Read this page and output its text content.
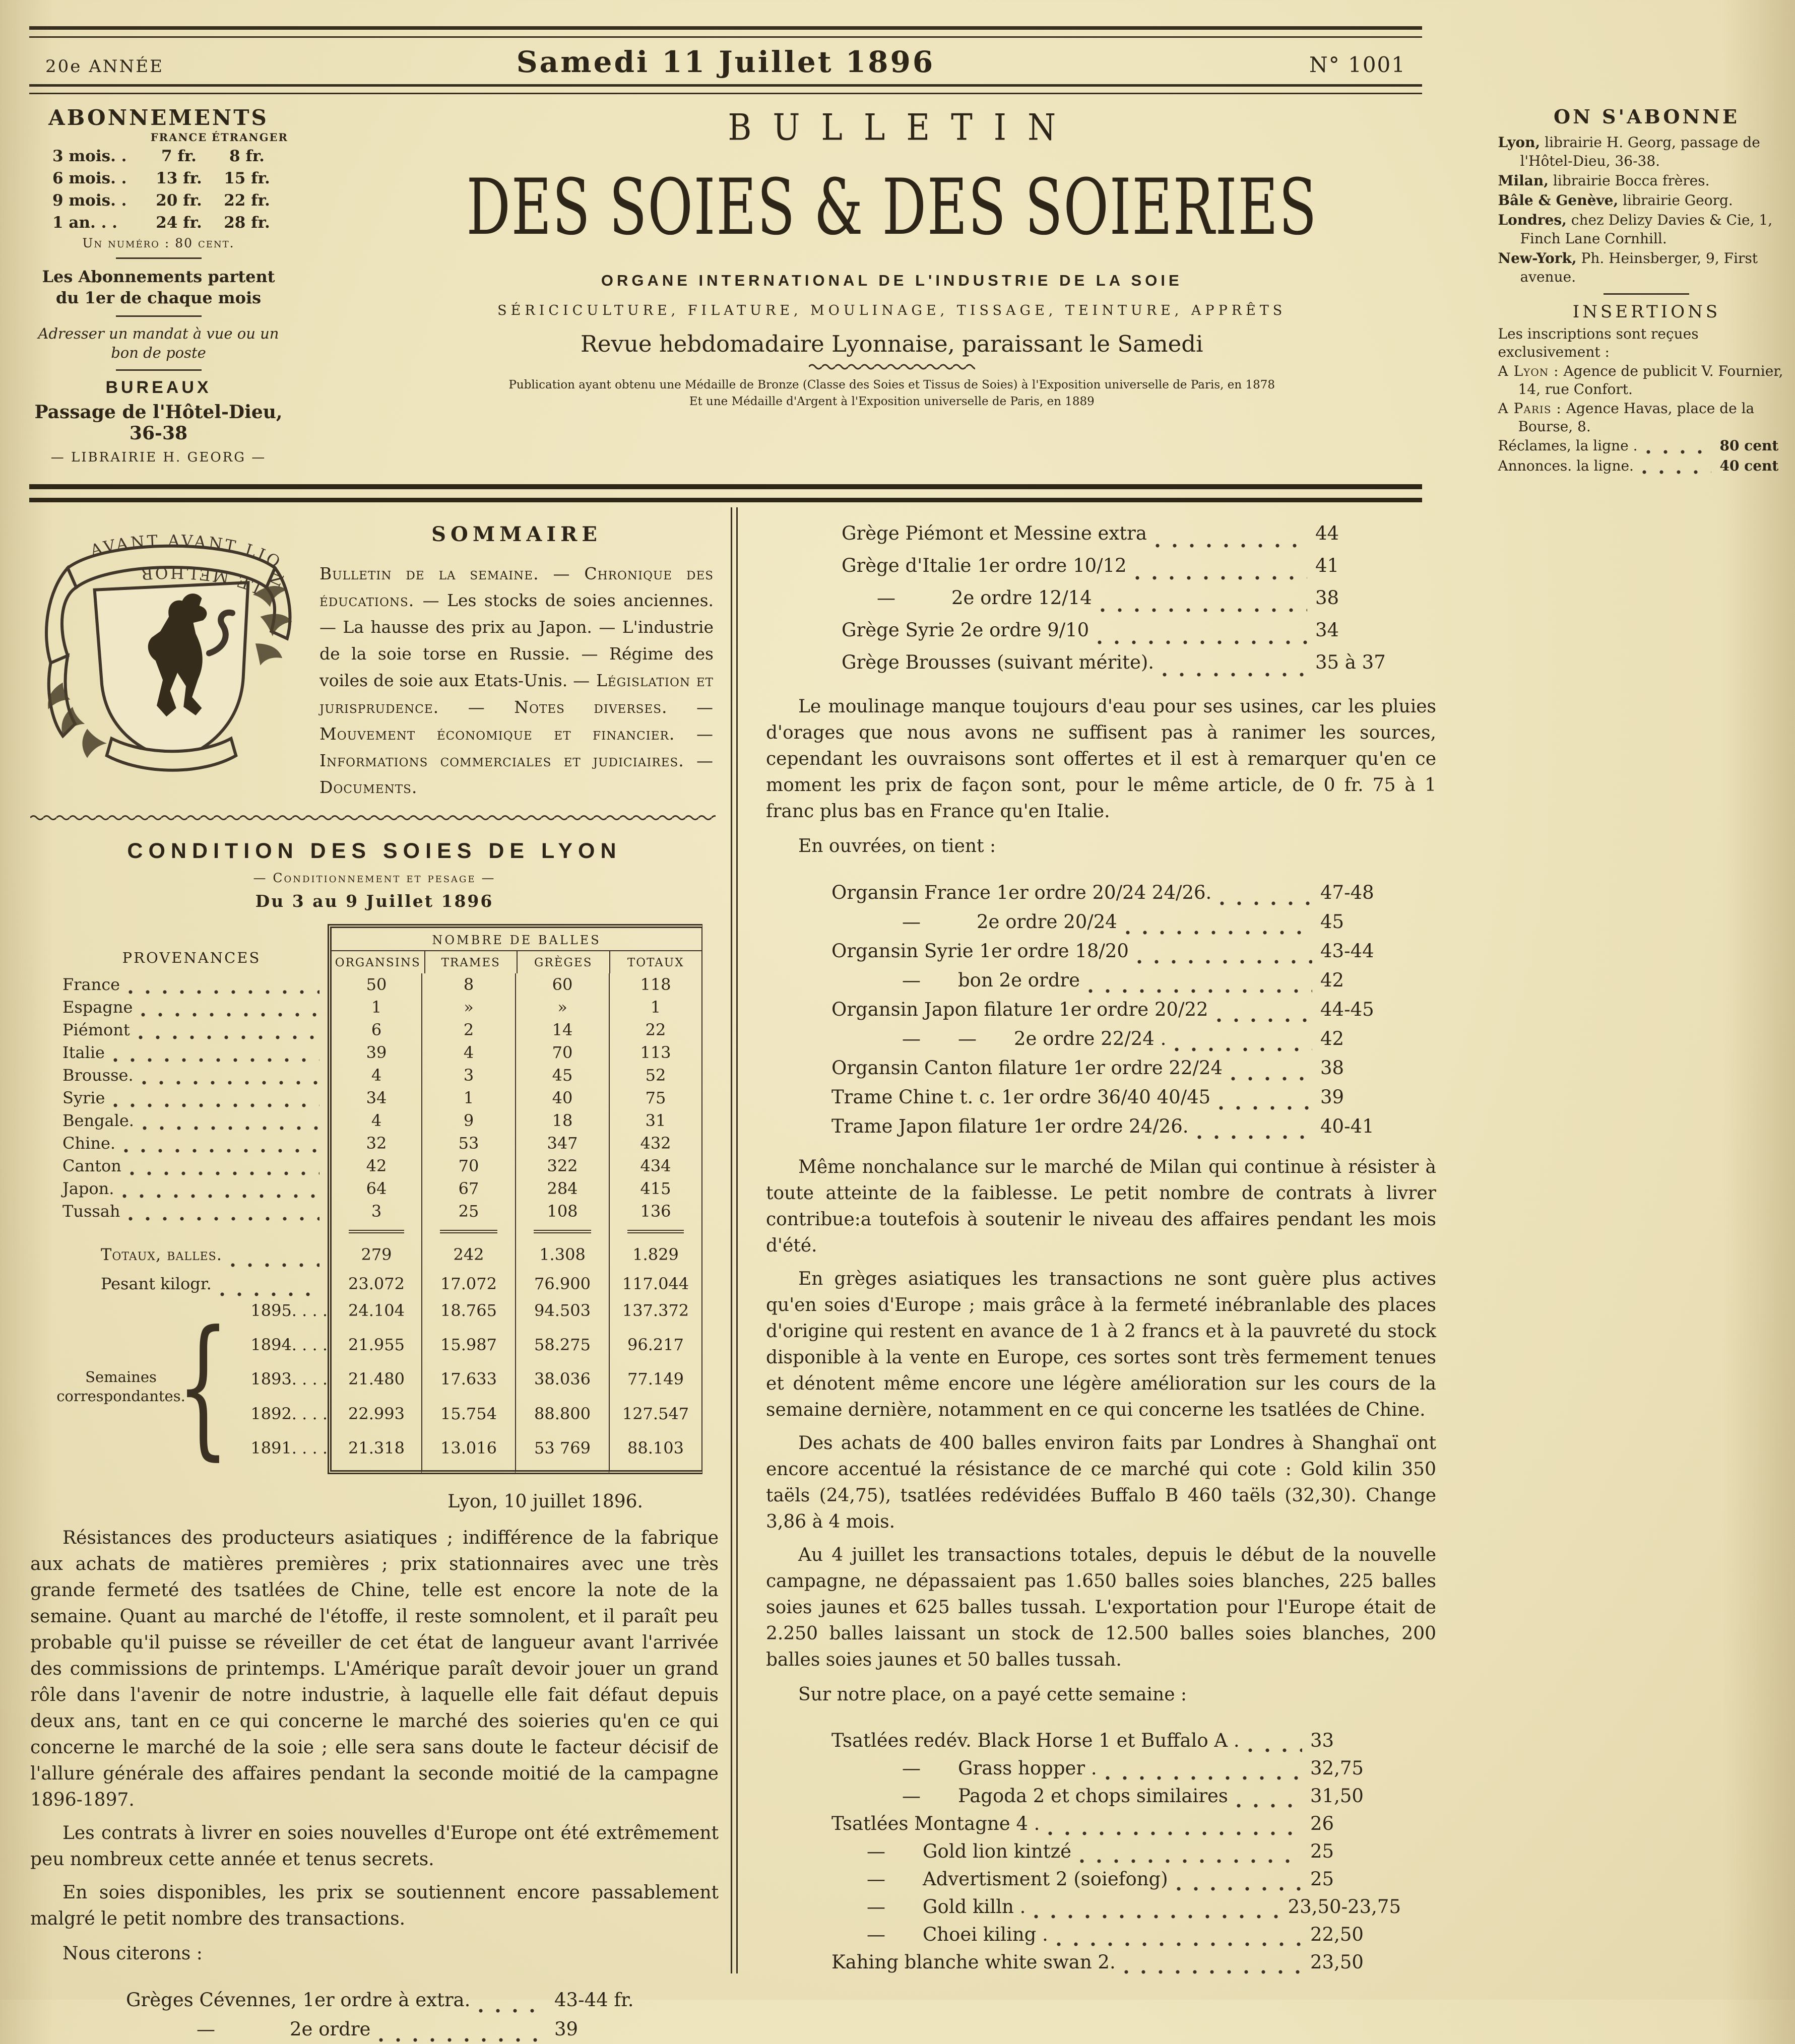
20e ANNÉE	Samedi 11 Juillet 1896	N° 1001
ABONNEMENTS
FRANCE ÉTRANGER
3 mois. .	7 fr.	8 fr.
6 mois. .	13 fr.	15 fr.
9 mois. .	20 fr.	22 fr.
1 an. . .	24 fr.	28 fr.
Un numéro : 80 cent.
Les Abonnements partent du 1er de chaque mois
Adresser un mandat à vue ou un bon de poste
BUREAUX
Passage de l'Hôtel-Dieu, 36-38
— LIBRAIRIE H. GEORG —
BULLETIN
DES SOIES & DES SOIERIES
ORGANE INTERNATIONAL DE L'INDUSTRIE DE LA SOIE
SÉRICICULTURE, FILATURE, MOULINAGE, TISSAGE, TEINTURE, APPRÊTS
Revue hebdomadaire Lyonnaise, paraissant le Samedi
Publication ayant obtenu une Médaille de Bronze (Classe des Soies et Tissus de Soies) à l'Exposition universelle de Paris, en 1878
Et une Médaille d'Argent à l'Exposition universelle de Paris, en 1889
ON S'ABONNE
Lyon, librairie H. Georg, passage de l'Hôtel-Dieu, 36-38.
Milan, librairie Bocca frères.
Bâle & Genève, librairie Georg.
Londres, chez Delizy Davies & Cie, 1, Finch Lane Cornhill.
New-York, Ph. Heinsberger, 9, First avenue.
INSERTIONS
Les inscriptions sont reçues exclusivement :
A Lyon : Agence de publicit V. Fournier, 14, rue Confort.
A Paris : Agence Havas, place de la Bourse, 8.
Réclames, la ligne .	80 cent
Annonces. la ligne.	40 cent
AVANT AVANT LION LE MELHOR
SOMMAIRE
Bulletin de la semaine. — Chronique des éducations. — Les stocks de soies anciennes. — La hausse des prix au Japon. — L'industrie de la soie torse en Russie. — Régime des voiles de soie aux Etats-Unis. — Législation et jurisprudence. — Notes diverses. — Mouvement économique et financier. — Informations commerciales et judiciaires. — Documents.
CONDITION DES SOIES DE LYON
— Conditionnement et pesage —
Du 3 au 9 Juillet 1896
PROVENANCES
NOMBRE DE BALLES
ORGANSINS	TRAMES	GRÈGES	TOTAUX
France	50	8	60	118
Espagne	1	»	»	1
Piémont	6	2	14	22
Italie	39	4	70	113
Brousse.	4	3	45	52
Syrie	34	1	40	75
Bengale.	4	9	18	31
Chine.	32	53	347	432
Canton	42	70	322	434
Japon.	64	67	284	415
Tussah	3	25	108	136
Totaux, balles.	279	242	1.308	1.829
Pesant kilogr.	23.072	17.072	76.900	117.044
Semaines
correspondantes.
{ 1895. . . .	24.104	18.765	94.503	137.372
1894. . . .	21.955	15.987	58.275	96.217
1893. . . .	21.480	17.633	38.036	77.149
1892. . . .	22.993	15.754	88.800	127.547
1891. . . .	21.318	13.016	53 769	88.103
Lyon, 10 juillet 1896.

Résistances des producteurs asiatiques ; indifférence de la fabrique aux achats de matières premières ; prix stationnaires avec une très grande fermeté des tsatlées de Chine, telle est encore la note de la semaine. Quant au marché de l'étoffe, il reste somnolent, et il paraît peu probable qu'il puisse se réveiller de cet état de langueur avant l'arrivée des commissions de printemps. L'Amérique paraît devoir jouer un grand rôle dans l'avenir de notre industrie, à laquelle elle fait défaut depuis deux ans, tant en ce qui concerne le marché des soieries qu'en ce qui concerne le marché de la soie ; elle sera sans doute le facteur décisif de l'allure générale des affaires pendant la seconde moitié de la campagne 1896-1897.

Les contrats à livrer en soies nouvelles d'Europe ont été extrêmement peu nombreux cette année et tenus secrets.

En soies disponibles, les prix se soutiennent encore passablement malgré le petit nombre des transactions.

Nous citerons :

Grèges Cévennes, 1er ordre à extra.	43-44 fr.
—    2e ordre	39
Grège Piémont et Messine extra	44
Grège d'Italie 1er ordre 10/12	41
—   2e ordre 12/14	38
Grège Syrie 2e ordre 9/10	34
Grège Brousses (suivant mérite).	35 à 37

Le moulinage manque toujours d'eau pour ses usines, car les pluies d'orages que nous avons ne suffisent pas à ranimer les sources, cependant les ouvraisons sont offertes et il est à remarquer qu'en ce moment les prix de façon sont, pour le même article, de 0 fr. 75 à 1 franc plus bas en France qu'en Italie.

En ouvrées, on tient :

Organsin France 1er ordre 20/24 24/26.	47-48
—   2e ordre 20/24	45
Organsin Syrie 1er ordre 18/20	43-44
—  bon 2e ordre	42
Organsin Japon filature 1er ordre 20/22	44-45
—  —  2e ordre 22/24 .	42
Organsin Canton filature 1er ordre 22/24	38
Trame Chine t. c. 1er ordre 36/40 40/45	39
Trame Japon filature 1er ordre 24/26.	40-41

Même nonchalance sur le marché de Milan qui continue à résister à toute atteinte de la faiblesse. Le petit nombre de contrats à livrer contribue:a toutefois à soutenir le niveau des affaires pendant les mois d'été.

En grèges asiatiques les transactions ne sont guère plus actives qu'en soies d'Europe ; mais grâce à la fermeté inébranlable des places d'origine qui restent en avance de 1 à 2 francs et à la pauvreté du stock disponible à la vente en Europe, ces sortes sont très fermement tenues et dénotent même encore une légère amélioration sur les cours de la semaine dernière, notamment en ce qui concerne les tsatlées de Chine.

Des achats de 400 balles environ faits par Londres à Shanghaï ont encore accentué la résistance de ce marché qui cote : Gold kilin 350 taëls (24,75), tsatlées redévidées Buffalo B 460 taëls (32,30). Change 3,86 à 4 mois.

Au 4 juillet les transactions totales, depuis le début de la nouvelle campagne, ne dépassaient pas 1.650 balles soies blanches, 225 balles soies jaunes et 625 balles tussah. L'exportation pour l'Europe était de 2.250 balles laissant un stock de 12.500 balles soies blanches, 200 balles soies jaunes et 50 balles tussah.

Sur notre place, on a payé cette semaine :

Tsatlées redév. Black Horse 1 et Buffalo A .	33
—  Grass hopper .	32,75
—  Pagoda 2 et chops similaires	31,50
Tsatlées Montagne 4 .	26
—  Gold lion kintzé	25
—  Advertisment 2 (soiefong)	25
—  Gold killn .	23,50-23,75
—  Choei kiling .	22,50
Kahing blanche white swan 2.	23,50
